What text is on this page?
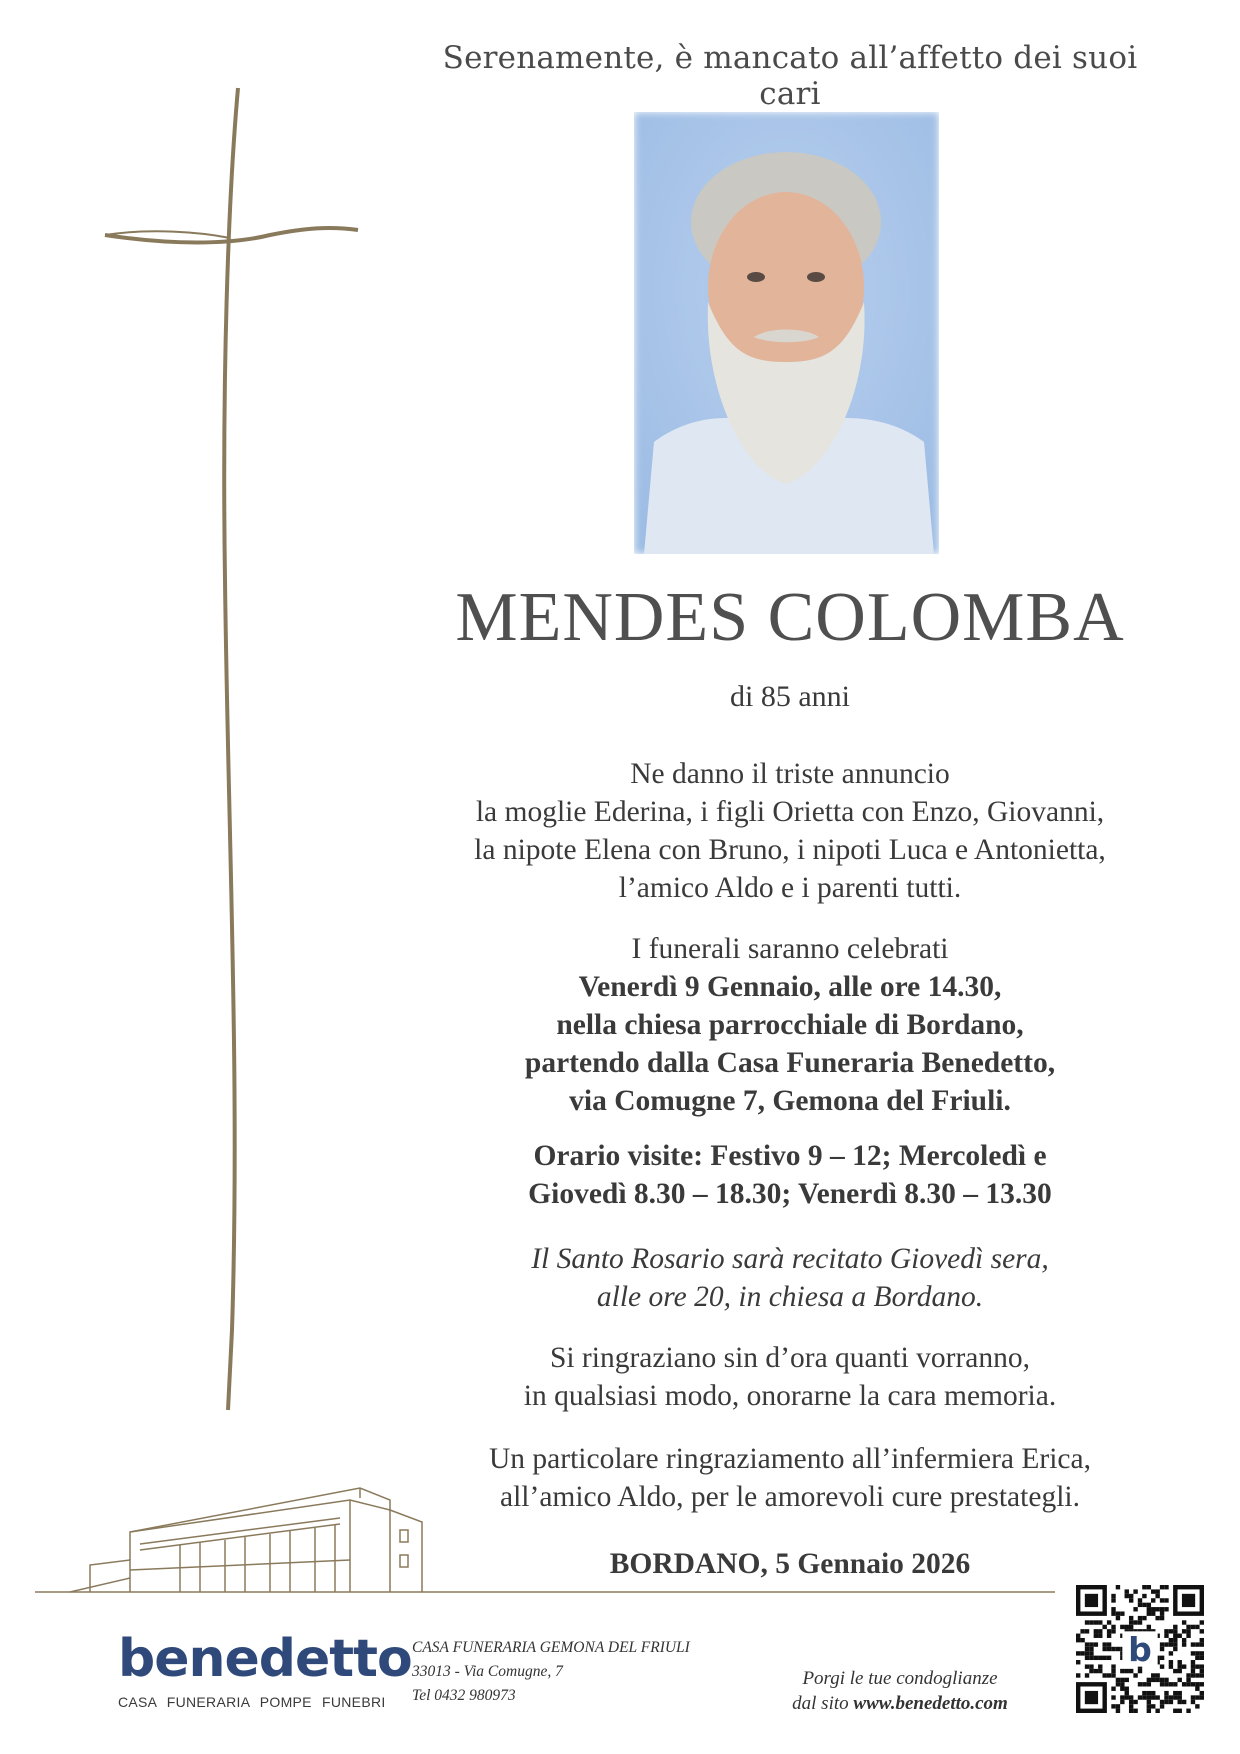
Serenamente, è mancato all’affetto dei suoi cari
MENDES COLOMBA
di 85 anni
Ne danno il triste annuncio
la moglie Ederina, i figli Orietta con Enzo, Giovanni,
la nipote Elena con Bruno, i nipoti Luca e Antonietta,
l’amico Aldo e i parenti tutti.
I funerali saranno celebrati
Venerdì 9 Gennaio, alle ore 14.30,
nella chiesa parrocchiale di Bordano,
partendo dalla Casa Funeraria Benedetto,
via Comugne 7, Gemona del Friuli.
Orario visite: Festivo 9 – 12; Mercoledì e
Giovedì 8.30 – 18.30; Venerdì 8.30 – 13.30
Il Santo Rosario sarà recitato Giovedì sera,
alle ore 20, in chiesa a Bordano.
Si ringraziano sin d’ora quanti vorranno,
in qualsiasi modo, onorarne la cara memoria.
Un particolare ringraziamento all’infermiera Erica,
all’amico Aldo, per le amorevoli cure prestategli.
BORDANO, 5 Gennaio 2026
benedetto
CASA FUNERARIA POMPE FUNEBRI
CASA FUNERARIA GEMONA DEL FRIULI
33013 - Via Comugne, 7
Tel 0432 980973
Porgi le tue condoglianze
dal sito www.benedetto.com
b
